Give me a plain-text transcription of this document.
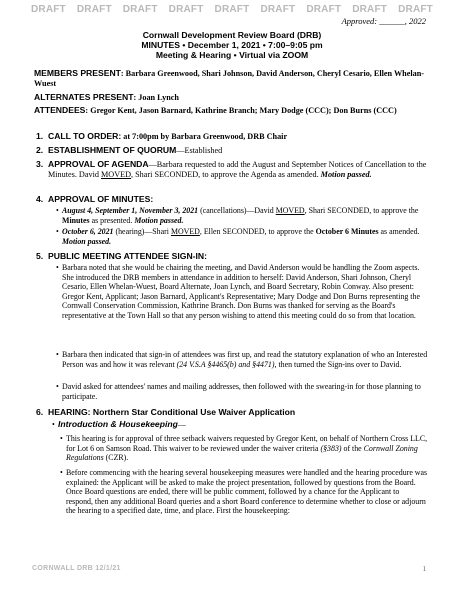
DRAFT DRAFT DRAFT DRAFT DRAFT DRAFT DRAFT DRAFT DRAFT
Approved: ______, 2022
Cornwall Development Review Board (DRB)
MINUTES • December 1, 2021 • 7:00–9:05 pm
Meeting & Hearing • Virtual via ZOOM
MEMBERS PRESENT: Barbara Greenwood, Shari Johnson, David Anderson, Cheryl Cesario, Ellen Whelan-Wuest
ALTERNATES PRESENT: Joan Lynch
ATTENDEES: Gregor Kent, Jason Barnard, Kathrine Branch; Mary Dodge (CCC); Don Burns (CCC)
1. CALL TO ORDER: at 7:00pm by Barbara Greenwood, DRB Chair
2. ESTABLISHMENT OF QUORUM—Established
3. APPROVAL OF AGENDA—Barbara requested to add the August and September Notices of Cancellation to the Minutes. David MOVED, Shari SECONDED, to approve the Agenda as amended. Motion passed.
4. APPROVAL OF MINUTES:
• August 4, September 1, November 3, 2021 (cancellations)—David MOVED, Shari SECONDED, to approve the Minutes as presented. Motion passed.
• October 6, 2021 (hearing)—Shari MOVED, Ellen SECONDED, to approve the October 6 Minutes as amended. Motion passed.
5. PUBLIC MEETING ATTENDEE SIGN-IN:
• Barbara noted that she would be chairing the meeting, and David Anderson would be handling the Zoom aspects. She introduced the DRB members in attendance in addition to herself: David Anderson, Shari Johnson, Cheryl Cesario, Ellen Whelan-Wuest, Board Alternate, Joan Lynch, and Board Secretary, Robin Conway. Also present: Gregor Kent, Applicant; Jason Barnard, Applicant's Representative; Mary Dodge and Don Burns representing the Cornwall Conservation Commission, Kathrine Branch. Don Burns was thanked for serving as the Board's representative at the Town Hall so that any person wishing to attend this meeting could do so from that location.
• Barbara then indicated that sign-in of attendees was first up, and read the statutory explanation of who an Interested Person was and how it was relevant (24 V.S.A §4465(b) and §4471), then turned the Sign-ins over to David.
• David asked for attendees' names and mailing addresses, then followed with the swearing-in for those planning to participate.
6. HEARING: Northern Star Conditional Use Waiver Application
• Introduction & Housekeeping—
• This hearing is for approval of three setback waivers requested by Gregor Kent, on behalf of Northern Cross LLC, for Lot 6 on Samson Road. This waiver to be reviewed under the waiver criteria (§383) of the Cornwall Zoning Regulations (CZR).
• Before commencing with the hearing several housekeeping measures were handled and the hearing procedure was explained: the Applicant will be asked to make the project presentation, followed by questions from the Board. Once Board questions are ended, there will be public comment, followed by a chance for the Applicant to respond, then any additional Board queries and a short Board conference to determine whether to close or adjourn the hearing to a specified date, time, and place. First the housekeeping:
CORNWALL DRB 12/1/21	1
